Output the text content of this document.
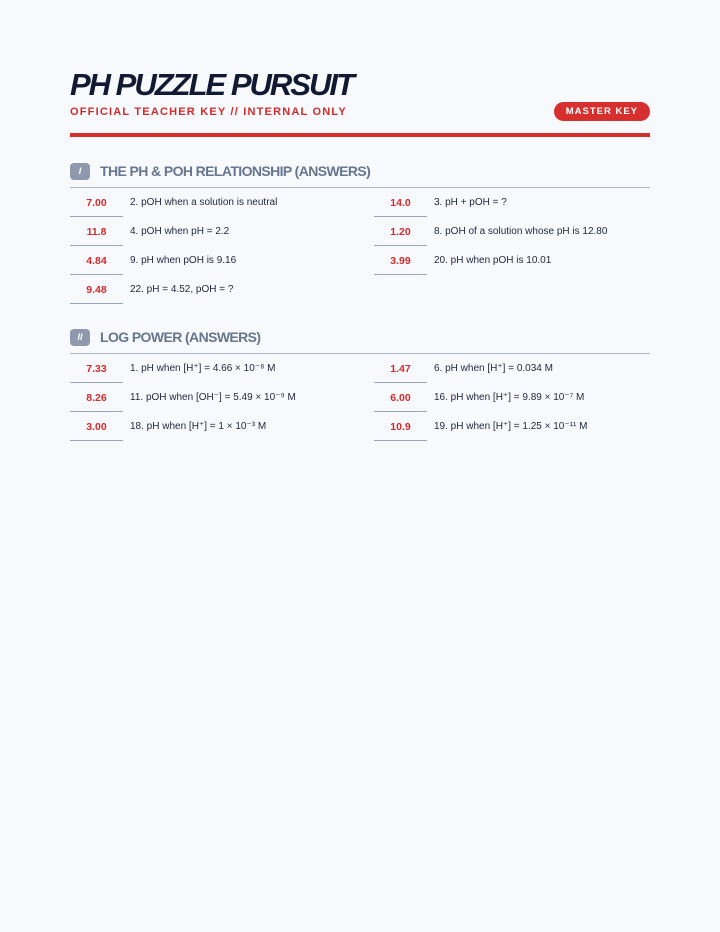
PH PUZZLE PURSUIT
OFFICIAL TEACHER KEY // INTERNAL ONLY	MASTER KEY
I	THE PH & POH RELATIONSHIP (ANSWERS)
7.00	2. pOH when a solution is neutral	14.0	3. pH + pOH = ?
11.8	4. pOH when pH = 2.2	1.20	8. pOH of a solution whose pH is 12.80
4.84	9. pH when pOH is 9.16	3.99	20. pH when pOH is 10.01
9.48	22. pH = 4.52, pOH = ?
II	LOG POWER (ANSWERS)
7.33	1. pH when [H⁺] = 4.66 × 10⁻⁸ M	1.47	6. pH when [H⁺] = 0.034 M
8.26	11. pOH when [OH⁻] = 5.49 × 10⁻⁹ M	6.00	16. pH when [H⁺] = 9.89 × 10⁻⁷ M
3.00	18. pH when [H⁺] = 1 × 10⁻³ M	10.9	19. pH when [H⁺] = 1.25 × 10⁻¹¹ M
